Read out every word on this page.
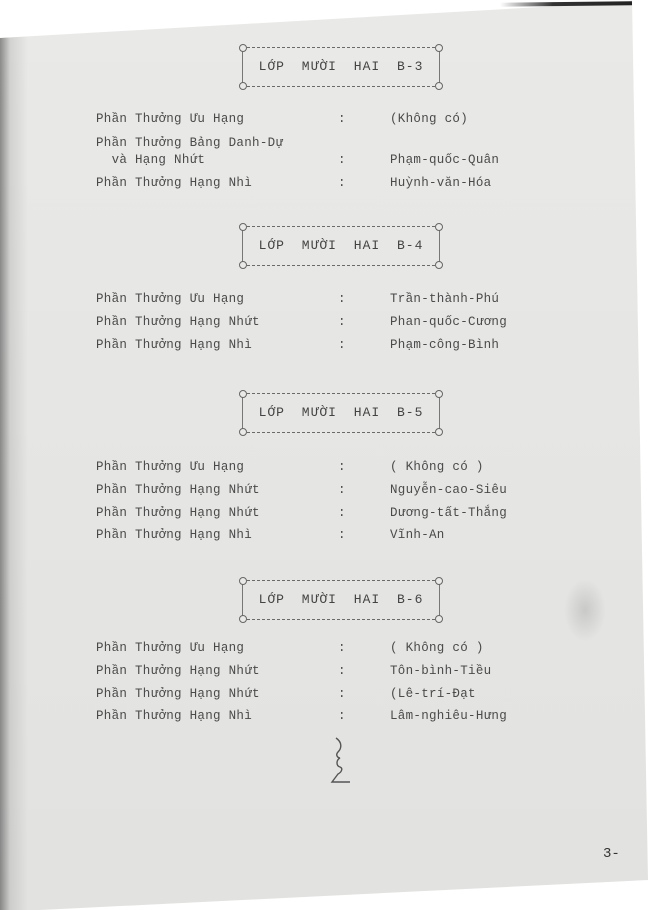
LỚP MƯỜI HAI B-3
Phần Thưởng Ưu Hạng	:	(Không có)
Phần Thưởng Bảng Danh-Dự
và Hạng Nhứt	:	Phạm-quốc-Quân
Phần Thưởng Hạng Nhì	:	Huỳnh-văn-Hóa
LỚP MƯỜI HAI B-4
Phần Thưởng Ưu Hạng	:	Trần-thành-Phú
Phần Thưởng Hạng Nhứt	:	Phan-quốc-Cương
Phần Thưởng Hạng Nhì	:	Phạm-công-Bình
LỚP MƯỜI HAI B-5
Phần Thưởng Ưu Hạng	:	( Không có )
Phần Thưởng Hạng Nhứt	:	Nguyễn-cao-Siêu
Phần Thưởng Hạng Nhứt	:	Dương-tất-Thắng
Phần Thưởng Hạng Nhì	:	Vĩnh-An
LỚP MƯỜI HAI B-6
Phần Thưởng Ưu Hạng	:	( Không có )
Phần Thưởng Hạng Nhứt	:	Tôn-bình-Tiều
Phần Thưởng Hạng Nhứt	:	(Lê-trí-Đạt
Phần Thưởng Hạng Nhì	:	Lâm-nghiêu-Hưng
3-
